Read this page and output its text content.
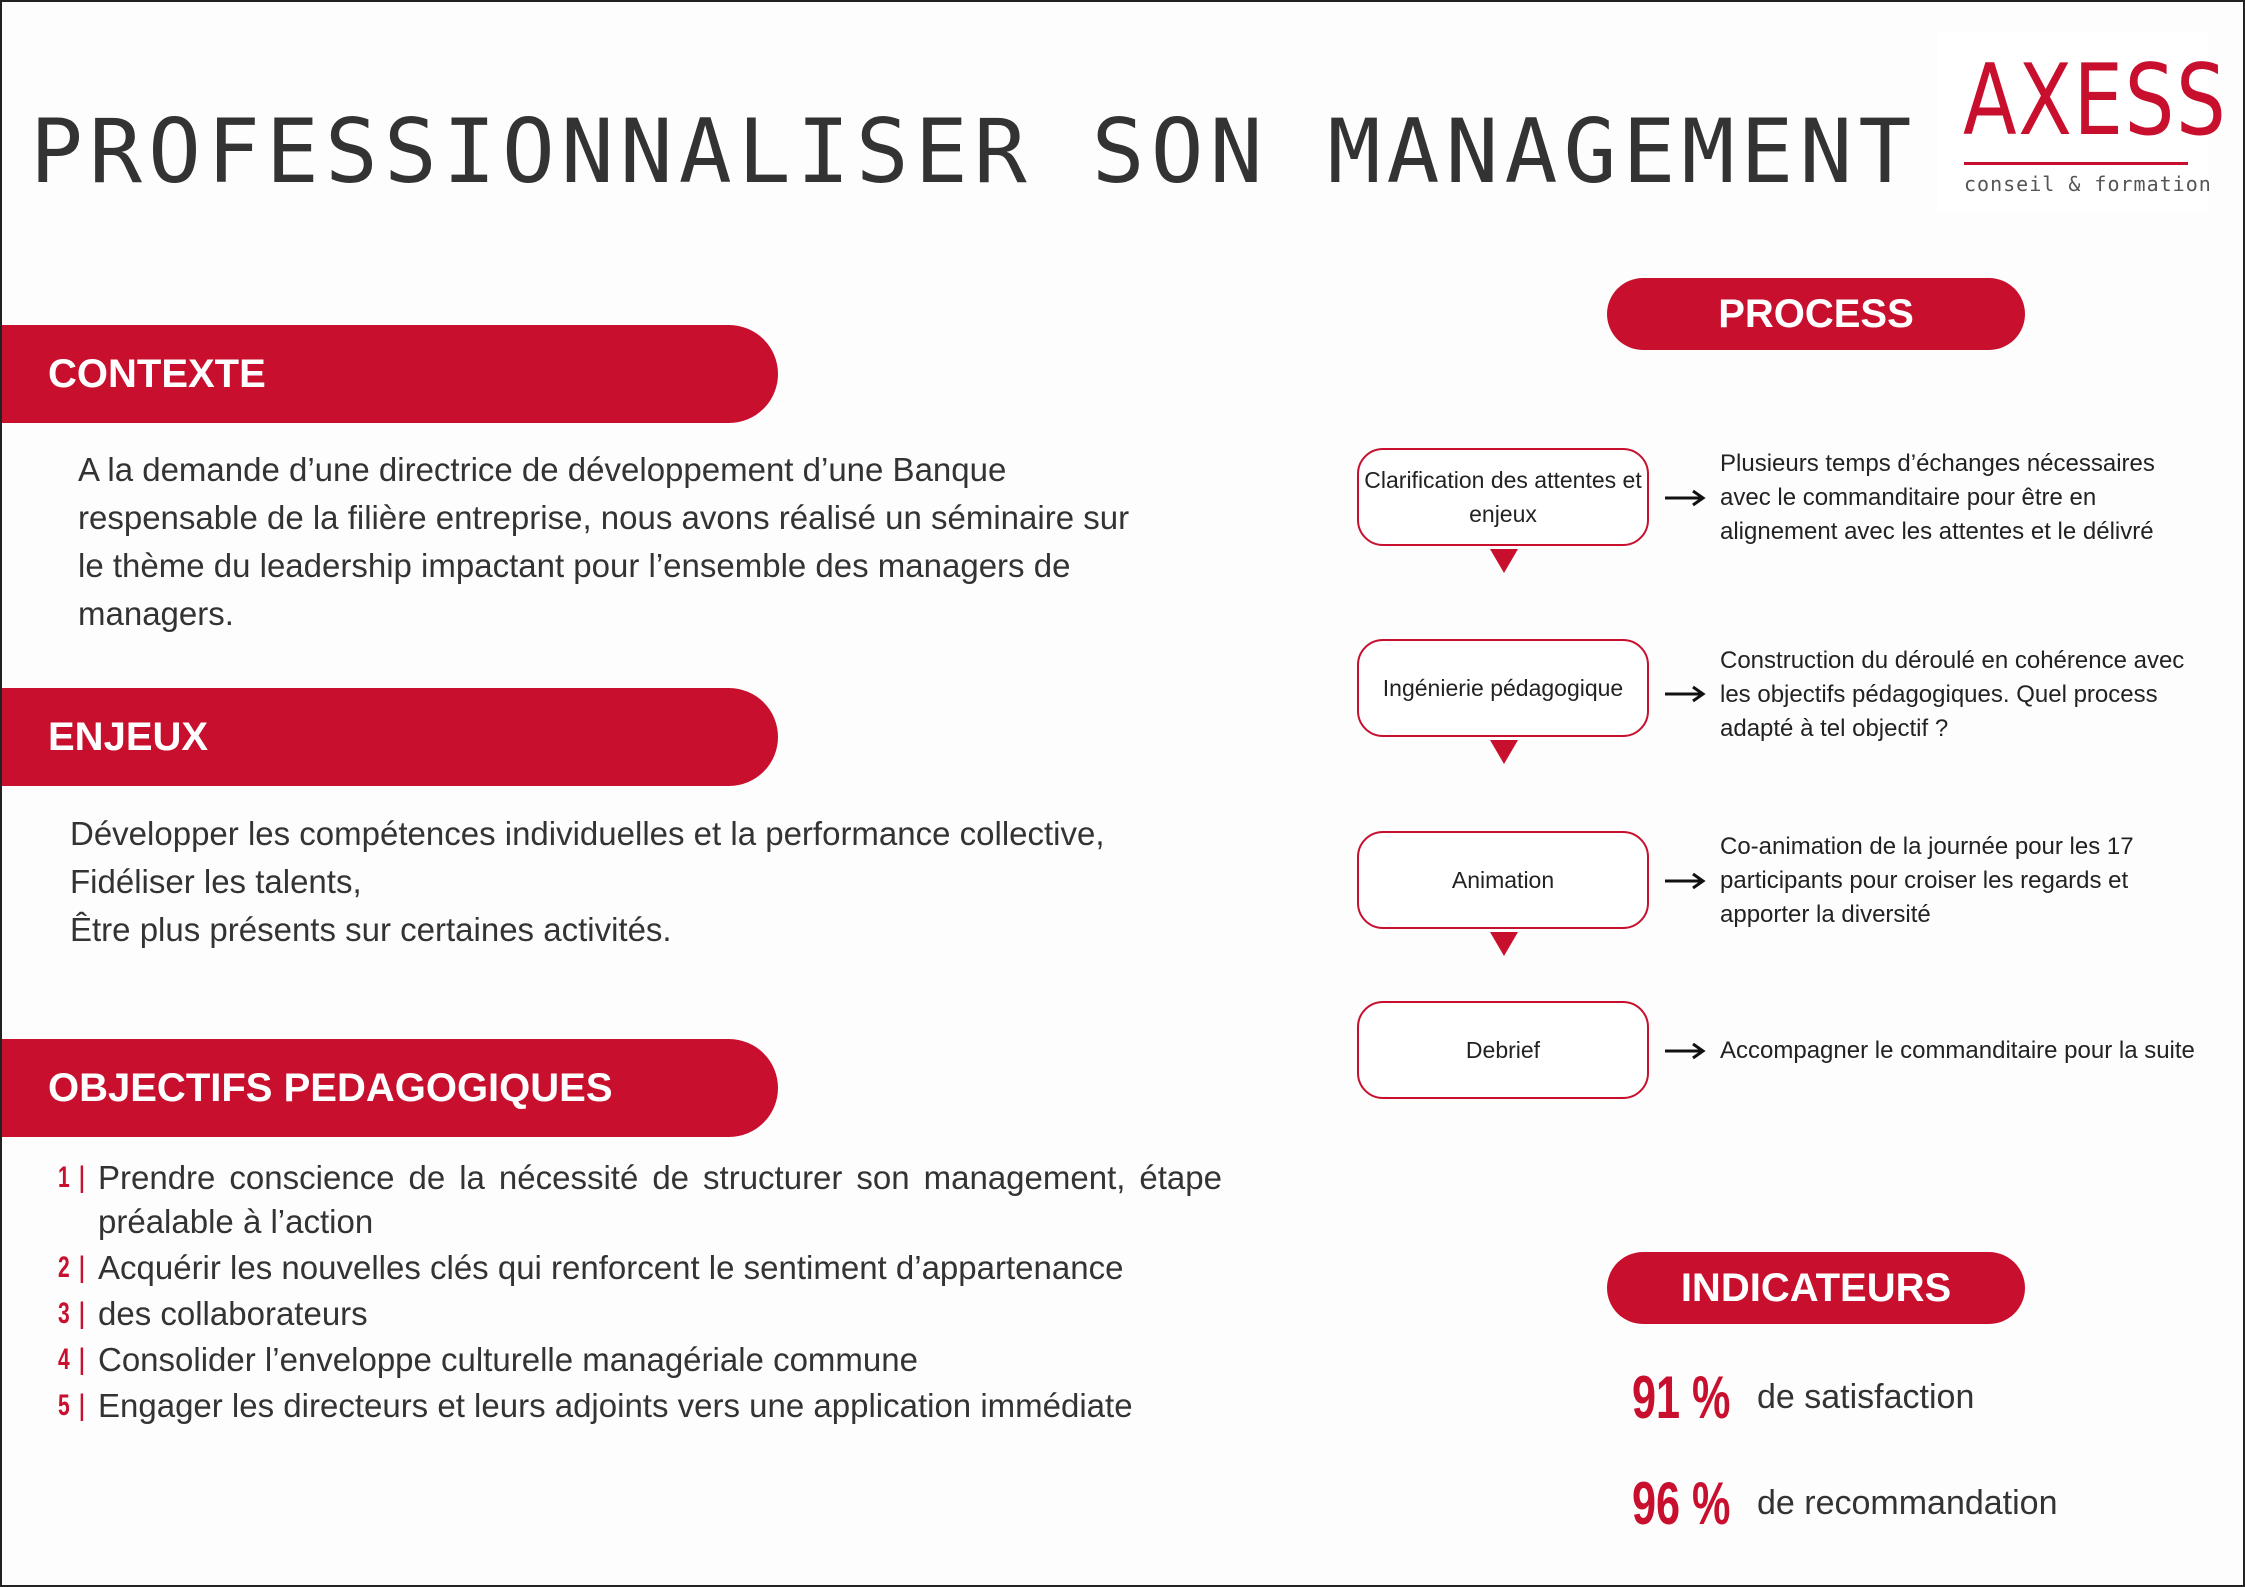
PROFESSIONNALISER SON MANAGEMENT AXESS
conseil & formation
CONTEXTE
A la demande d’une directrice de développement d’une Banque
respensable de la filière entreprise, nous avons réalisé un séminaire sur
le thème du leadership impactant pour l’ensemble des managers de
managers.
ENJEUX
Développer les compétences individuelles et la performance collective,
Fidéliser les talents,
Être plus présents sur certaines activités.
OBJECTIFS PEDAGOGIQUES
1 | Prendre conscience de la nécessité de structurer son management, étape préalable à l’action
2 | Acquérir les nouvelles clés qui renforcent le sentiment d’appartenance
3 | des collaborateurs
4 | Consolider l’enveloppe culturelle managériale commune
5 | Engager les directeurs et leurs adjoints vers une application immédiate
PROCESS
Clarification des attentes et enjeux
Plusieurs temps d’échanges nécessaires avec le commanditaire pour être en alignement avec les attentes et le délivré
Ingénierie pédagogique
Construction du déroulé en cohérence avec les objectifs pédagogiques. Quel process adapté à tel objectif ?
Animation
Co-animation de la journée pour les 17 participants pour croiser les regards et apporter la diversité
Debrief	Accompagner le commanditaire pour la suite
INDICATEURS
91 % de satisfaction
96 % de recommandation
